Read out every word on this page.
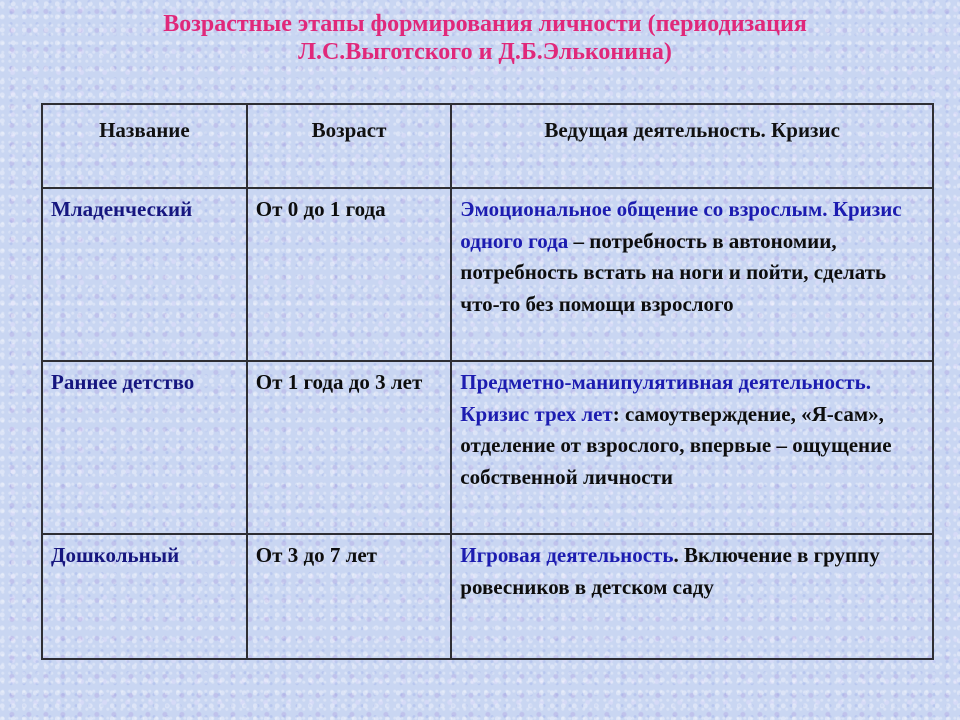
Возрастные этапы формирования личности (периодизация
Л.С.Выготского и Д.Б.Эльконина)
Название	Возраст	Ведущая деятельность. Кризис
Младенческий	От 0 до 1 года	Эмоциональное общение со взрослым. Кризис одного года – потребность в автономии, потребность встать на ноги и пойти, сделать что-то без помощи взрослого
Раннее детство	От 1 года до 3 лет	Предметно-манипулятивная деятельность. Кризис трех лет: самоутверждение, «Я-сам», отделение от взрослого, впервые – ощущение собственной личности
Дошкольный	От 3 до 7 лет	Игровая деятельность. Включение в группу ровесников в детском саду
